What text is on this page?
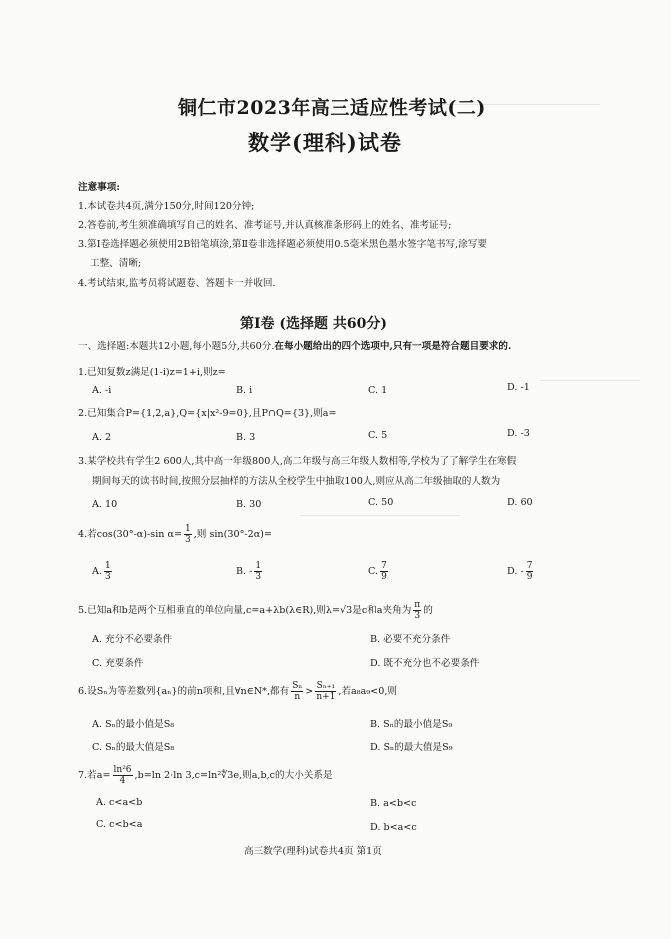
铜仁市2023年高三适应性考试(二)
数学(理科)试卷
注意事项:
1.本试卷共4页,满分150分,时间120分钟;
2.答卷前,考生须准确填写自己的姓名、准考证号,并认真核准条形码上的姓名、准考证号;
3.第Ⅰ卷选择题必须使用2B铅笔填涂,第Ⅱ卷非选择题必须使用0.5毫米黑色墨水签字笔书写,涂写要
工整、清晰;
4.考试结束,监考员将试题卷、答题卡一并收回.
第Ⅰ卷 (选择题 共60分)
一、选择题:本题共12小题,每小题5分,共60分.在每小题给出的四个选项中,只有一项是符合题目要求的.
1.已知复数z满足(1-i)z=1+i,则z=
A. -i	B. i	C. 1	D. -1
2.已知集合P={1,2,a},Q={x|x²-9=0},且P∩Q={3},则a=
A. 2	B. 3	C. 5	D. -3
3.某学校共有学生2 600人,其中高一年级800人,高二年级与高三年级人数相等,学校为了了解学生在寒假
期间每天的读书时间,按照分层抽样的方法从全校学生中抽取100人,则应从高二年级抽取的人数为
A. 10	B. 30	C. 50	D. 60
4.若cos(30°-α)-sin $\alpha= \frac{1}{3}$ ,则 sin(30°-2α)=
A. $\frac{1}{3}$	B. - $\frac{1}{3}$	C. $\frac{7}{9}$	D. - $\frac{7}{9}$
5.已知a和b是两个互相垂直的单位向量,c=a+λb(λ∈R),则λ=√3是c和a夹角为 $\frac{\pi}{3}$ 的
A. 充分不必要条件	B. 必要不充分条件
C. 充要条件	D. 既不充分也不必要条件
6.设Sₙ为等差数列{aₙ}的前n项和,且∀n∈N*,都有 $\frac{\text{Sₙ}}{n} > \frac{\text{Sₙ₊₁}}{n+1}$ ,若a₈a₉<0,则
A. Sₙ的最小值是S₈	B. Sₙ的最小值是S₉
C. Sₙ的最大值是S₈	D. Sₙ的最大值是S₉
7.若$a= \frac{\text{ln²6}}{4} ,b=\ln$ 2·ln 3,c=ln²∜3e,则a,b,c的大小关系是
A. c<a<b	B. a<b<c
C. c<b<a	D. b<a<c
高三数学(理科)试卷共4页 第1页
